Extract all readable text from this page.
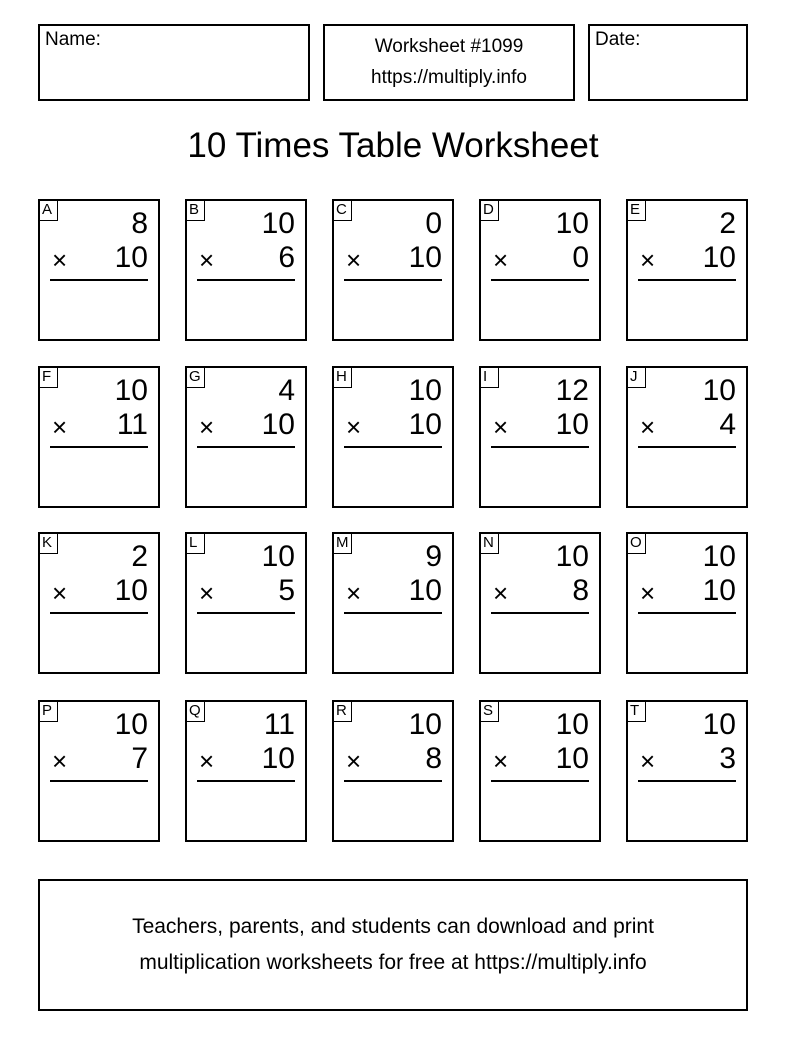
Name:	Worksheet #1099
https://multiply.info
Date:
10 Times Table Worksheet
A	8
× 10
B 10
× 6
C	0
× 10
D 10
× 0
E	2
× 10
F 10
× 11
G	4
× 10
H 10
× 10
I	12
× 10
J 10
× 4
K	2
× 10
L 10
× 5
M	9
× 10
N 10
× 8
O 10
× 10
P 10
× 7
Q 11
× 10
R 10
× 8
S 10
× 10
T 10
× 3
Teachers, parents, and students can download and print
multiplication worksheets for free at https://multiply.info
